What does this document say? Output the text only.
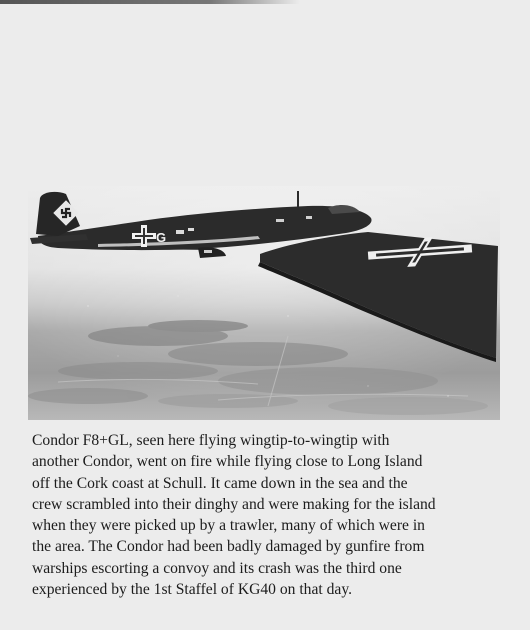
G

Condor F8+GL, seen here flying wingtip-to-wingtip with
another Condor, went on fire while flying close to Long Island
off the Cork coast at Schull. It came down in the sea and the
crew scrambled into their dinghy and were making for the island
when they were picked up by a trawler, many of which were in
the area. The Condor had been badly damaged by gunfire from
warships escorting a convoy and its crash was the third one
experienced by the 1st Staffel of KG40 on that day.
